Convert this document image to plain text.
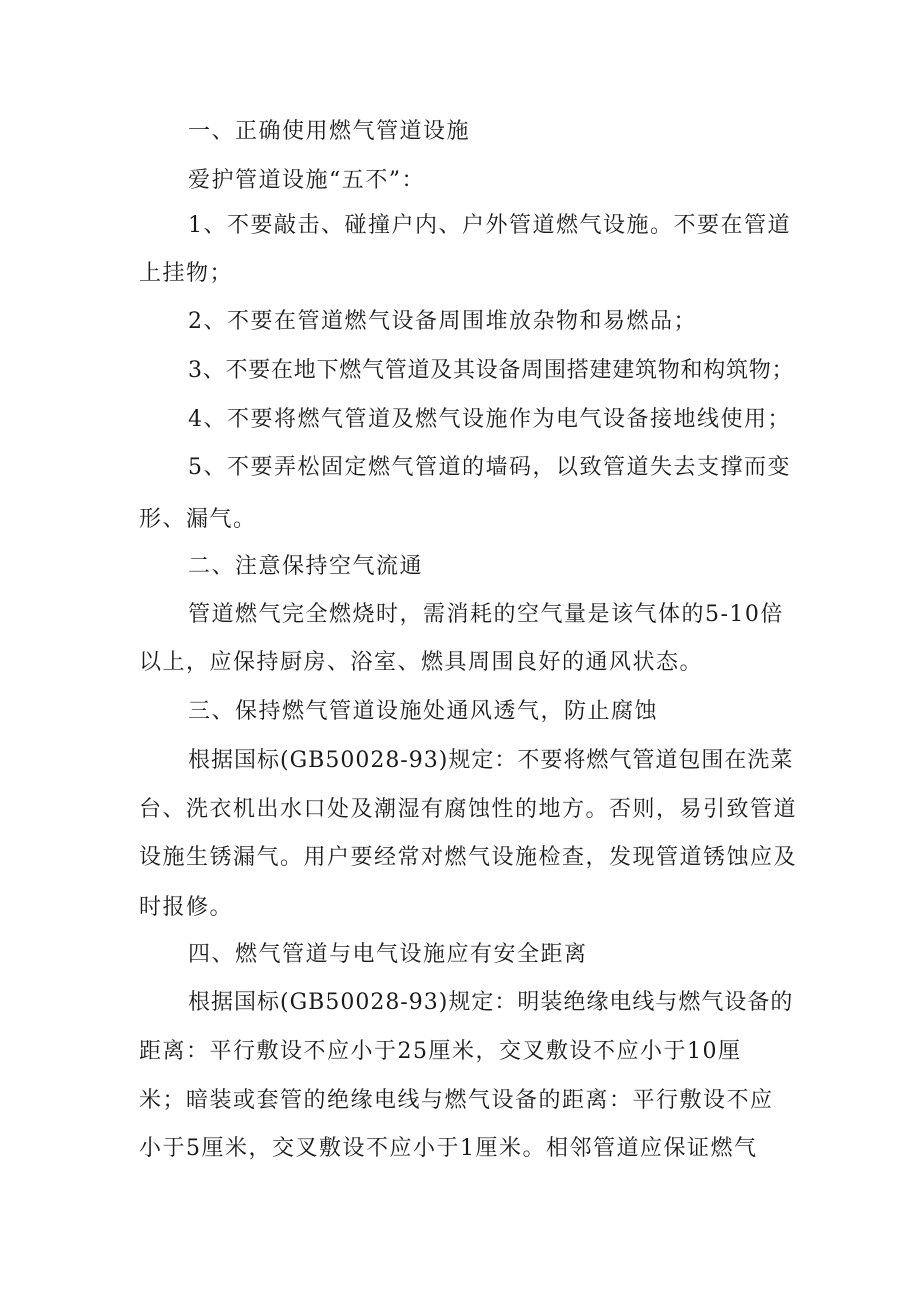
一、正确使用燃气管道设施
爱护管道设施“五不”：
1、不要敲击、碰撞户内、户外管道燃气设施。不要在管道
上挂物；
2、不要在管道燃气设备周围堆放杂物和易燃品；
3、不要在地下燃气管道及其设备周围搭建建筑物和构筑物；
4、不要将燃气管道及燃气设施作为电气设备接地线使用；
5、不要弄松固定燃气管道的墙码，以致管道失去支撑而变
形、漏气。
二、注意保持空气流通
管道燃气完全燃烧时，需消耗的空气量是该气体的5-10倍
以上，应保持厨房、浴室、燃具周围良好的通风状态。
三、保持燃气管道设施处通风透气，防止腐蚀
根据国标(GB50028-93)规定：不要将燃气管道包围在洗菜
台、洗衣机出水口处及潮湿有腐蚀性的地方。否则，易引致管道
设施生锈漏气。用户要经常对燃气设施检查，发现管道锈蚀应及
时报修。
四、燃气管道与电气设施应有安全距离
根据国标(GB50028-93)规定：明装绝缘电线与燃气设备的
距离：平行敷设不应小于25厘米，交叉敷设不应小于10厘
米；暗装或套管的绝缘电线与燃气设备的距离：平行敷设不应
小于5厘米，交叉敷设不应小于1厘米。相邻管道应保证燃气
